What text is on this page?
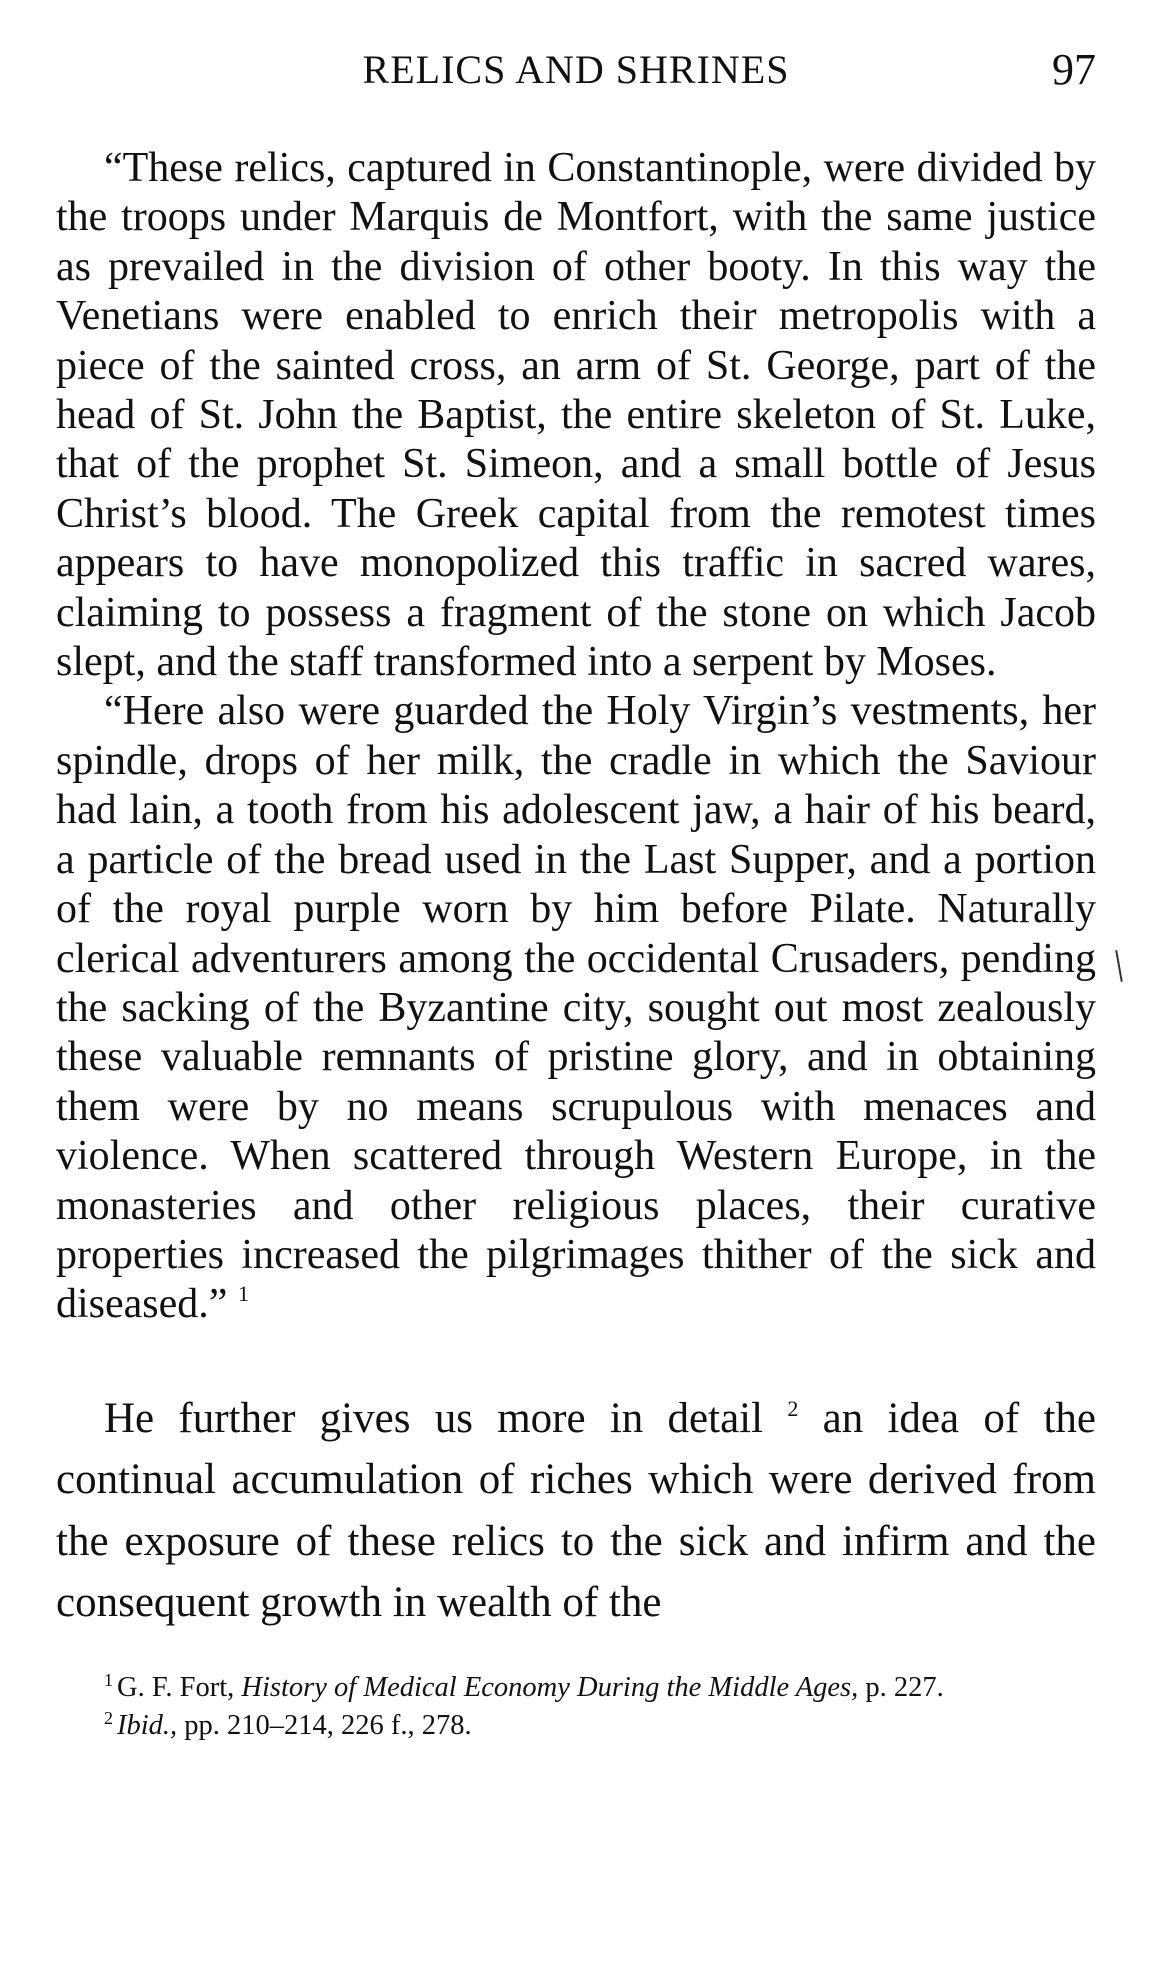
RELICS AND SHRINES	97

“These relics, captured in Constantinople, were divided by the troops under Marquis de Montfort, with the same justice as prevailed in the division of other booty. In this way the Venetians were enabled to enrich their metropolis with a piece of the sainted cross, an arm of St. George, part of the head of St. John the Baptist, the entire skeleton of St. Luke, that of the prophet St. Simeon, and a small bottle of Jesus Christ’s blood. The Greek capital from the remotest times appears to have monopolized this traffic in sacred wares, claiming to possess a fragment of the stone on which Jacob slept, and the staff transformed into a serpent by Moses.

“Here also were guarded the Holy Virgin’s vestments, her spindle, drops of her milk, the cradle in which the Saviour had lain, a tooth from his adolescent jaw, a hair of his beard, a particle of the bread used in the Last Supper, and a portion of the royal purple worn by him before Pilate. Naturally clerical adventurers among the occidental Crusaders, pending the sacking of the Byzantine city, sought out most zealously these valuable remnants of pristine glory, and in obtaining them were by no means scrupulous with menaces and violence. When scattered through Western Europe, in the monasteries and other religious places, their curative properties increased the pilgrimages thither of the sick and diseased.” $^1$

He further gives us more in detail $^2$ an idea of the continual accumulation of riches which were derived from the exposure of these relics to the sick and infirm and the consequent growth in wealth of the

$^1$ G. F. Fort, History of Medical Economy During the Middle Ages, p. 227.

$^2$ Ibid., pp. 210–214, 226 f., 278.
